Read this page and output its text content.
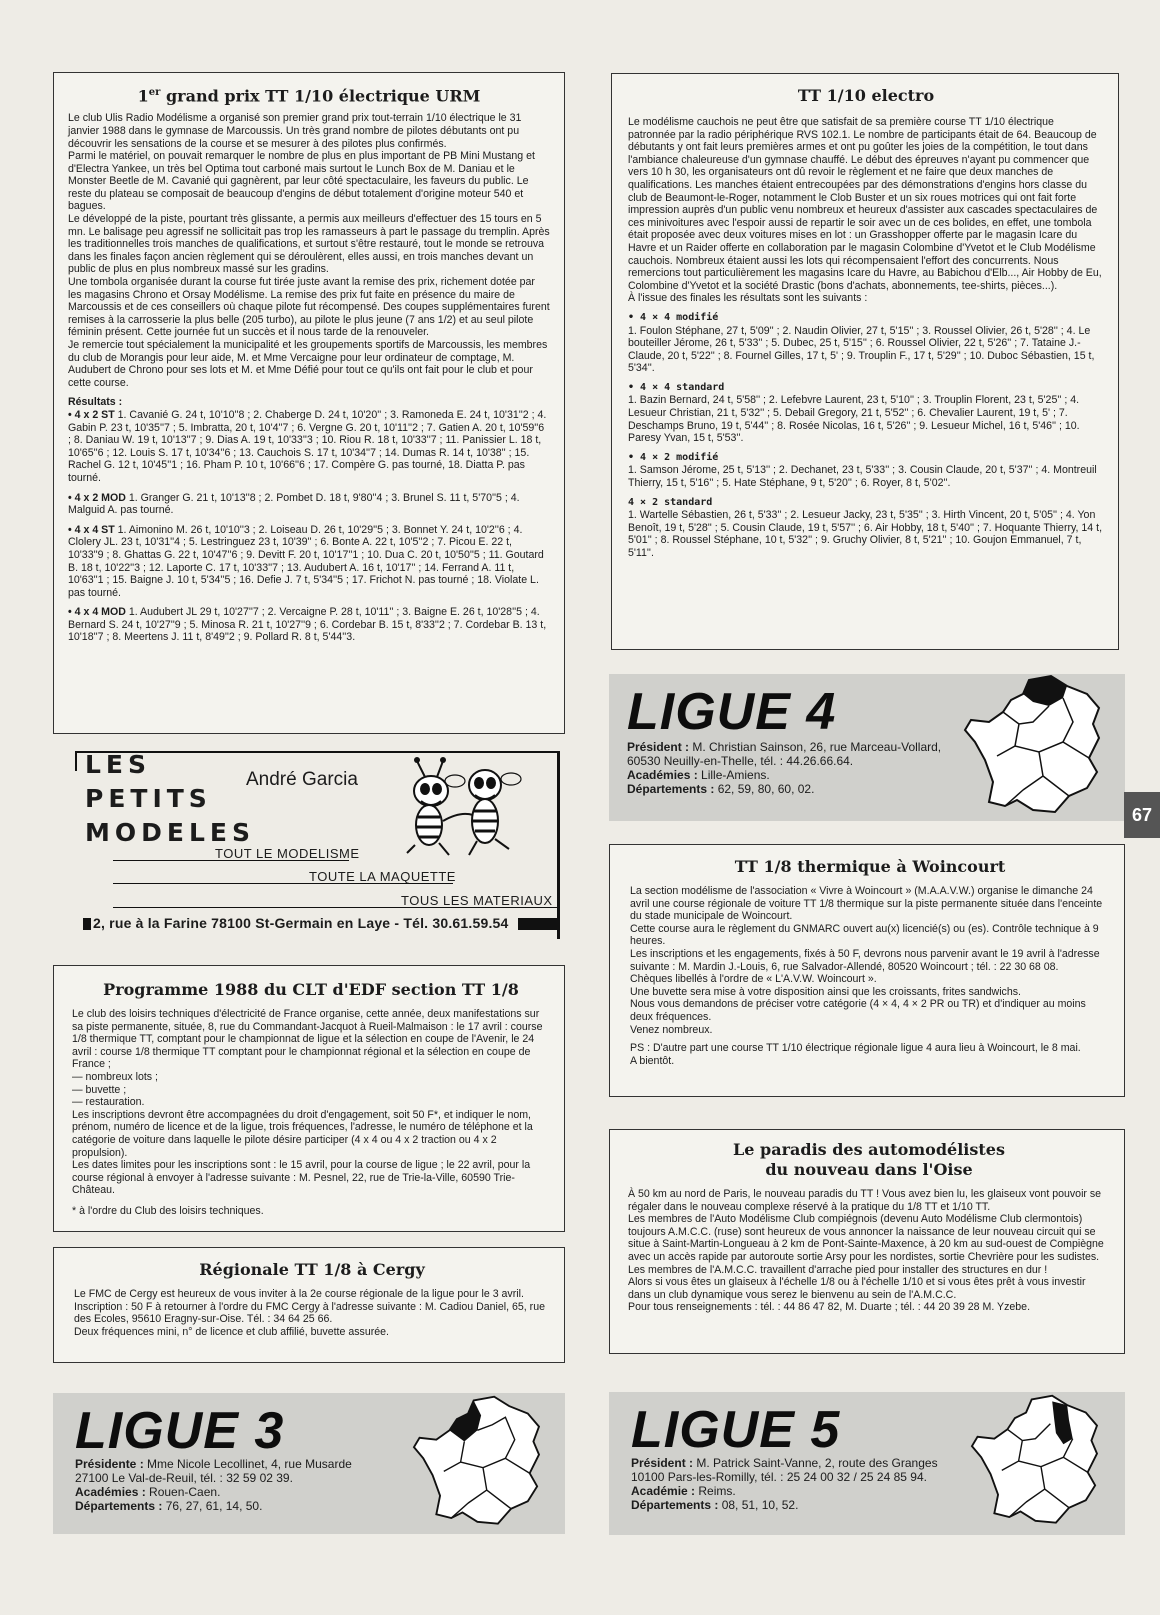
1er grand prix TT 1/10 électrique URM

Le club Ulis Radio Modélisme a organisé son premier grand prix tout-terrain 1/10 électrique le 31 janvier 1988 dans le gymnase de Marcoussis. Un très grand nombre de pilotes débutants ont pu découvrir les sensations de la course et se mesurer à des pilotes plus confirmés.

Parmi le matériel, on pouvait remarquer le nombre de plus en plus important de PB Mini Mustang et d'Electra Yankee, un très bel Optima tout carboné mais surtout le Lunch Box de M. Daniau et le Monster Beetle de M. Cavanié qui gagnèrent, par leur côté spectaculaire, les faveurs du public. Le reste du plateau se composait de beaucoup d'engins de début totalement d'origine moteur 540 et bagues.

Le développé de la piste, pourtant très glissante, a permis aux meilleurs d'effectuer des 15 tours en 5 mn. Le balisage peu agressif ne sollicitait pas trop les ramasseurs à part le passage du tremplin. Après les traditionnelles trois manches de qualifications, et surtout s'être restauré, tout le monde se retrouva dans les finales façon ancien règlement qui se déroulèrent, elles aussi, en trois manches devant un public de plus en plus nombreux massé sur les gradins.

Une tombola organisée durant la course fut tirée juste avant la remise des prix, richement dotée par les magasins Chrono et Orsay Modélisme. La remise des prix fut faite en présence du maire de Marcoussis et de ces conseillers où chaque pilote fut récompensé. Des coupes supplémentaires furent remises à la carrosserie la plus belle (205 turbo), au pilote le plus jeune (7 ans 1/2) et au seul pilote féminin présent. Cette journée fut un succès et il nous tarde de la renouveler.

Je remercie tout spécialement la municipalité et les groupements sportifs de Marcoussis, les membres du club de Morangis pour leur aide, M. et Mme Vercaigne pour leur ordinateur de comptage, M. Audubert de Chrono pour ses lots et M. et Mme Défié pour tout ce qu'ils ont fait pour le club et pour cette course.

Résultats :

• 4 x 2 ST 1. Cavanié G. 24 t, 10'10''8 ; 2. Chaberge D. 24 t, 10'20'' ; 3. Ramoneda E. 24 t, 10'31''2 ; 4. Gabin P. 23 t, 10'35''7 ; 5. Imbratta, 20 t, 10'4''7 ; 6. Vergne G. 20 t, 10'11''2 ; 7. Gatien A. 20 t, 10'59''6 ; 8. Daniau W. 19 t, 10'13''7 ; 9. Dias A. 19 t, 10'33''3 ; 10. Riou R. 18 t, 10'33''7 ; 11. Panissier L. 18 t, 10'65''6 ; 12. Louis S. 17 t, 10'34''6 ; 13. Cauchois S. 17 t, 10'34''7 ; 14. Dumas R. 14 t, 10'38'' ; 15. Rachel G. 12 t, 10'45''1 ; 16. Pham P. 10 t, 10'66''6 ; 17. Compère G. pas tourné, 18. Diatta P. pas tourné.

• 4 x 2 MOD 1. Granger G. 21 t, 10'13''8 ; 2. Pombet D. 18 t, 9'80''4 ; 3. Brunel S. 11 t, 5'70''5 ; 4. Malguid A. pas tourné.

• 4 x 4 ST 1. Aimonino M. 26 t, 10'10''3 ; 2. Loiseau D. 26 t, 10'29''5 ; 3. Bonnet Y. 24 t, 10'2''6 ; 4. Clolery JL. 23 t, 10'31''4 ; 5. Lestringuez 23 t, 10'39'' ; 6. Bonte A. 22 t, 10'5''2 ; 7. Picou E. 22 t, 10'33''9 ; 8. Ghattas G. 22 t, 10'47''6 ; 9. Devitt F. 20 t, 10'17''1 ; 10. Dua C. 20 t, 10'50''5 ; 11. Goutard B. 18 t, 10'22''3 ; 12. Laporte C. 17 t, 10'33''7 ; 13. Audubert A. 16 t, 10'17'' ; 14. Ferrand A. 11 t, 10'63''1 ; 15. Baigne J. 10 t, 5'34''5 ; 16. Defie J. 7 t, 5'34''5 ; 17. Frichot N. pas tourné ; 18. Violate L. pas tourné.

• 4 x 4 MOD 1. Audubert JL 29 t, 10'27''7 ; 2. Vercaigne P. 28 t, 10'11'' ; 3. Baigne E. 26 t, 10'28''5 ; 4. Bernard S. 24 t, 10'27''9 ; 5. Minosa R. 21 t, 10'27''9 ; 6. Cordebar B. 15 t, 8'33''2 ; 7. Cordebar B. 13 t, 10'18''7 ; 8. Meertens J. 11 t, 8'49''2 ; 9. Pollard R. 8 t, 5'44''3.

TT 1/10 electro

Le modélisme cauchois ne peut être que satisfait de sa première course TT 1/10 électrique patronnée par la radio périphérique RVS 102.1. Le nombre de participants était de 64. Beaucoup de débutants y ont fait leurs premières armes et ont pu goûter les joies de la compétition, le tout dans l'ambiance chaleureuse d'un gymnase chauffé. Le début des épreuves n'ayant pu commencer que vers 10 h 30, les organisateurs ont dû revoir le règlement et ne faire que deux manches de qualifications. Les manches étaient entrecoupées par des démonstrations d'engins hors classe du club de Beaumont-le-Roger, notamment le Clob Buster et un six roues motrices qui ont fait forte impression auprès d'un public venu nombreux et heureux d'assister aux cascades spectaculaires de ces minivoitures avec l'espoir aussi de repartir le soir avec un de ces bolides, en effet, une tombola était proposée avec deux voitures mises en lot : un Grasshopper offerte par le magasin Icare du Havre et un Raider offerte en collaboration par le magasin Colombine d'Yvetot et le Club Modélisme cauchois. Nombreux étaient aussi les lots qui récompensaient l'effort des concurrents. Nous remercions tout particulièrement les magasins Icare du Havre, au Babichou d'Elb..., Air Hobby de Eu, Colombine d'Yvetot et la société Drastic (bons d'achats, abonnements, tee-shirts, pièces...).

À l'issue des finales les résultats sont les suivants :

• 4 × 4 modifié

1. Foulon Stéphane, 27 t, 5'09'' ; 2. Naudin Olivier, 27 t, 5'15'' ; 3. Roussel Olivier, 26 t, 5'28'' ; 4. Le bouteiller Jérome, 26 t, 5'33'' ; 5. Dubec, 25 t, 5'15'' ; 6. Roussel Olivier, 22 t, 5'26'' ; 7. Tataine J.-Claude, 20 t, 5'22'' ; 8. Fournel Gilles, 17 t, 5' ; 9. Trouplin F., 17 t, 5'29'' ; 10. Duboc Sébastien, 15 t, 5'34''.

• 4 × 4 standard

1. Bazin Bernard, 24 t, 5'58'' ; 2. Lefebvre Laurent, 23 t, 5'10'' ; 3. Trouplin Florent, 23 t, 5'25'' ; 4. Lesueur Christian, 21 t, 5'32'' ; 5. Debail Gregory, 21 t, 5'52'' ; 6. Chevalier Laurent, 19 t, 5' ; 7. Deschamps Bruno, 19 t, 5'44'' ; 8. Rosée Nicolas, 16 t, 5'26'' ; 9. Lesueur Michel, 16 t, 5'46'' ; 10. Paresy Yvan, 15 t, 5'53''.

• 4 × 2 modifié

1. Samson Jérome, 25 t, 5'13'' ; 2. Dechanet, 23 t, 5'33'' ; 3. Cousin Claude, 20 t, 5'37'' ; 4. Montreuil Thierry, 15 t, 5'16'' ; 5. Hate Stéphane, 9 t, 5'20'' ; 6. Royer, 8 t, 5'02''.

4 × 2 standard

1. Wartelle Sébastien, 26 t, 5'33'' ; 2. Lesueur Jacky, 23 t, 5'35'' ; 3. Hirth Vincent, 20 t, 5'05'' ; 4. Yon Benoît, 19 t, 5'28'' ; 5. Cousin Claude, 19 t, 5'57'' ; 6. Air Hobby, 18 t, 5'40'' ; 7. Hoquante Thierry, 14 t, 5'01'' ; 8. Roussel Stéphane, 10 t, 5'32'' ; 9. Gruchy Olivier, 8 t, 5'21'' ; 10. Goujon Emmanuel, 7 t, 5'11''.

LIGUE 4
Président : M. Christian Sainson, 26, rue Marceau-Vollard,
60530 Neuilly-en-Thelle, tél. : 44.26.66.64.
Académies : Lille-Amiens.
Départements : 62, 59, 80, 60, 02.
67
LES
PETITS
MODELES
André Garcia
TOUT LE MODELISME
TOUTE LA MAQUETTE
TOUS LES MATERIAUX
2, rue à la Farine 78100 St-Germain en Laye - Tél. 30.61.59.54
Programme 1988 du CLT d'EDF section TT 1/8

Le club des loisirs techniques d'électricité de France organise, cette année, deux manifestations sur sa piste permanente, située, 8, rue du Commandant-Jacquot à Rueil-Malmaison : le 17 avril : course 1/8 thermique TT, comptant pour le championnat de ligue et la sélection en coupe de l'Avenir, le 24 avril : course 1/8 thermique TT comptant pour le championnat régional et la sélection en coupe de France ;

— nombreux lots ;

— buvette ;

— restauration.

Les inscriptions devront être accompagnées du droit d'engagement, soit 50 F*, et indiquer le nom, prénom, numéro de licence et de la ligue, trois fréquences, l'adresse, le numéro de téléphone et la catégorie de voiture dans laquelle le pilote désire participer (4 x 4 ou 4 x 2 traction ou 4 x 2 propulsion).

Les dates limites pour les inscriptions sont : le 15 avril, pour la course de ligue ; le 22 avril, pour la course régional à envoyer à l'adresse suivante : M. Pesnel, 22, rue de Trie-la-Ville, 60590 Trie-Château.

* à l'ordre du Club des loisirs techniques.
Régionale TT 1/8 à Cergy

Le FMC de Cergy est heureux de vous inviter à la 2e course régionale de la ligue pour le 3 avril.

Inscription : 50 F à retourner à l'ordre du FMC Cergy à l'adresse suivante : M. Cadiou Daniel, 65, rue des Ecoles, 95610 Eragny-sur-Oise. Tél. : 34 64 25 66.

Deux fréquences mini, n° de licence et club affilié, buvette assurée.

LIGUE 3
Présidente : Mme Nicole Lecollinet, 4, rue Musarde
27100 Le Val-de-Reuil, tél. : 32 59 02 39.
Académies : Rouen-Caen.
Départements : 76, 27, 61, 14, 50.
TT 1/8 thermique à Woincourt

La section modélisme de l'association « Vivre à Woincourt » (M.A.A.V.W.) organise le dimanche 24 avril une course régionale de voiture TT 1/8 thermique sur la piste permanente située dans l'enceinte du stade municipale de Woincourt.

Cette course aura le règlement du GNMARC ouvert au(x) licencié(s) ou (es). Contrôle technique à 9 heures.

Les inscriptions et les engagements, fixés à 50 F, devrons nous parvenir avant le 19 avril à l'adresse suivante : M. Mardin J.-Louis, 6, rue Salvador-Allendé, 80520 Woincourt ; tél. : 22 30 68 08.

Chèques libellés à l'ordre de « L'A.V.W. Woincourt ».

Une buvette sera mise à votre disposition ainsi que les croissants, frites sandwichs.

Nous vous demandons de préciser votre catégorie (4 × 4, 4 × 2 PR ou TR) et d'indiquer au moins deux fréquences.

Venez nombreux.

PS : D'autre part une course TT 1/10 électrique régionale ligue 4 aura lieu à Woincourt, le 8 mai.

A bientôt.

Le paradis des automodélistes
du nouveau dans l'Oise

À 50 km au nord de Paris, le nouveau paradis du TT ! Vous avez bien lu, les glaiseux vont pouvoir se régaler dans le nouveau complexe réservé à la pratique du 1/8 TT et 1/10 TT.

Les membres de l'Auto Modélisme Club compiégnois (devenu Auto Modélisme Club clermontois) toujours A.M.C.C. (ruse) sont heureux de vous annoncer la naissance de leur nouveau circuit qui se situe à Saint-Martin-Longueau à 2 km de Pont-Sainte-Maxence, à 20 km au sud-ouest de Compiègne avec un accès rapide par autoroute sortie Arsy pour les nordistes, sortie Chevrière pour les sudistes.

Les membres de l'A.M.C.C. travaillent d'arrache pied pour installer des structures en dur !

Alors si vous êtes un glaiseux à l'échelle 1/8 ou à l'échelle 1/10 et si vous êtes prêt à vous investir dans un club dynamique vous serez le bienvenu au sein de l'A.M.C.C.

Pour tous renseignements : tél. : 44 86 47 82, M. Duarte ; tél. : 44 20 39 28 M. Yzebe.

LIGUE 5
Président : M. Patrick Saint-Vanne, 2, route des Granges
10100 Pars-les-Romilly, tél. : 25 24 00 32 / 25 24 85 94.
Académie : Reims.
Départements : 08, 51, 10, 52.
